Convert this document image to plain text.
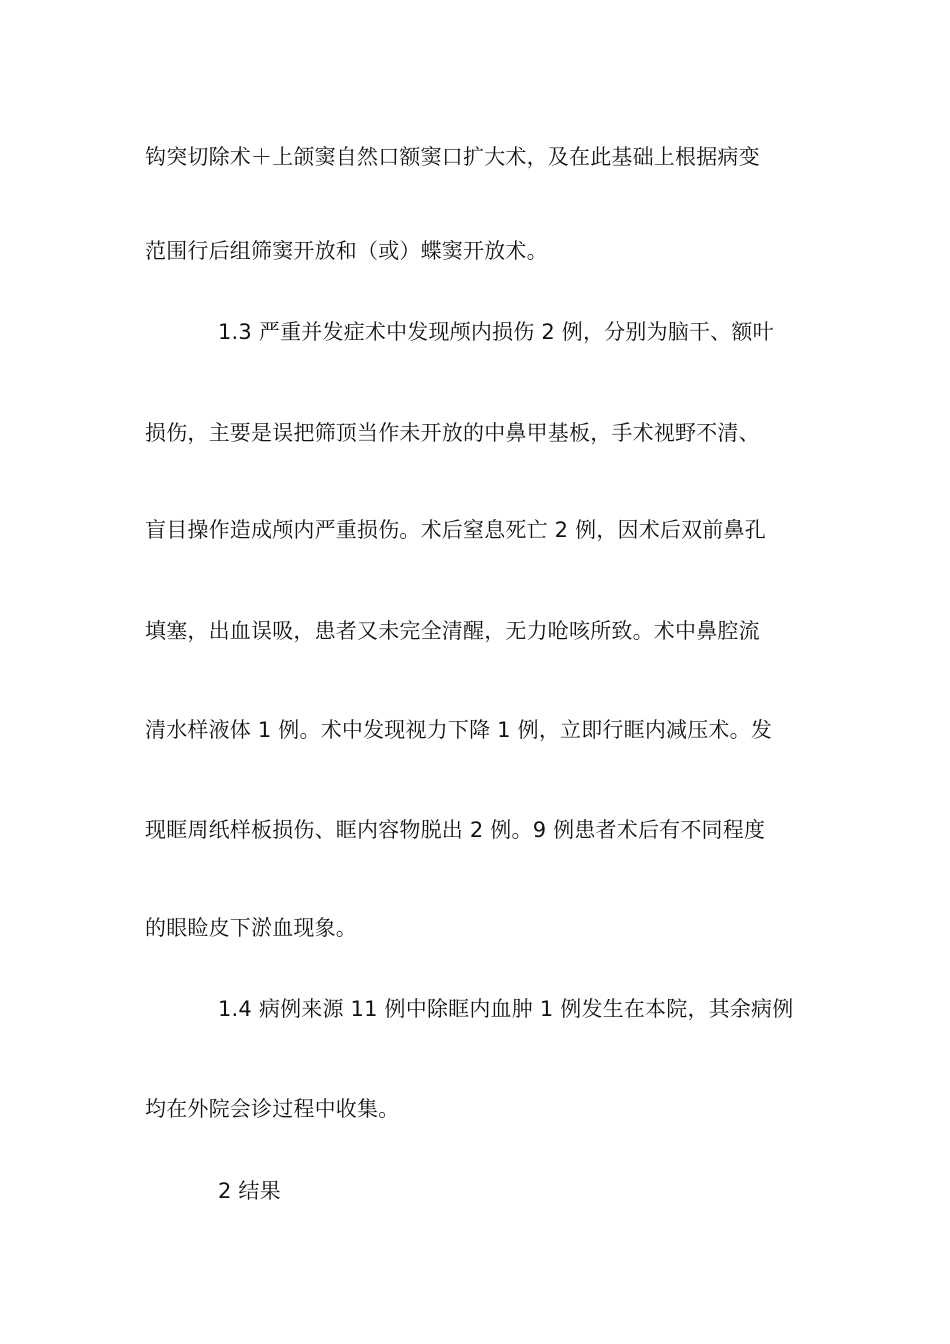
钩突切除术＋上颌窦自然口额窦口扩大术，及在此基础上根据病变
范围行后组筛窦开放和（或）蝶窦开放术。
1.3 严重并发症术中发现颅内损伤 2 例，分别为脑干、额叶
损伤，主要是误把筛顶当作未开放的中鼻甲基板，手术视野不清、
盲目操作造成颅内严重损伤。术后窒息死亡 2 例，因术后双前鼻孔
填塞，出血误吸，患者又未完全清醒，无力呛咳所致。术中鼻腔流
清水样液体 1 例。术中发现视力下降 1 例，立即行眶内减压术。发
现眶周纸样板损伤、眶内容物脱出 2 例。9 例患者术后有不同程度
的眼睑皮下淤血现象。
1.4 病例来源 11 例中除眶内血肿 1 例发生在本院，其余病例
均在外院会诊过程中收集。
2 结果
